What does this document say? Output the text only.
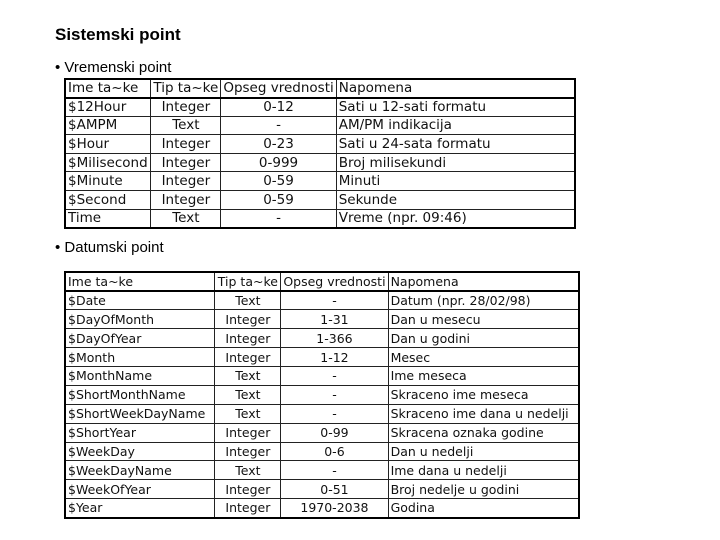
Sistemski point
• Vremenski point
Ime ta~ke	Tip ta~ke	Opseg vrednosti	Napomena
$12Hour	Integer	0-12	Sati u 12-sati formatu
$AMPM	Text	-	AM/PM indikacija
$Hour	Integer	0-23	Sati u 24-sata formatu
$Milisecond	Integer	0-999	Broj milisekundi
$Minute	Integer	0-59	Minuti
$Second	Integer	0-59	Sekunde
Time	Text	-	Vreme (npr. 09:46)
• Datumski point
Ime ta~ke	Tip ta~ke	Opseg vrednosti	Napomena
$Date	Text	-	Datum (npr. 28/02/98)
$DayOfMonth	Integer	1-31	Dan u mesecu
$DayOfYear	Integer	1-366	Dan u godini
$Month	Integer	1-12	Mesec
$MonthName	Text	-	Ime meseca
$ShortMonthName	Text	-	Skraceno ime meseca
$ShortWeekDayName	Text	-	Skraceno ime dana u nedelji
$ShortYear	Integer	0-99	Skracena oznaka godine
$WeekDay	Integer	0-6	Dan u nedelji
$WeekDayName	Text	-	Ime dana u nedelji
$WeekOfYear	Integer	0-51	Broj nedelje u godini
$Year	Integer	1970-2038	Godina
